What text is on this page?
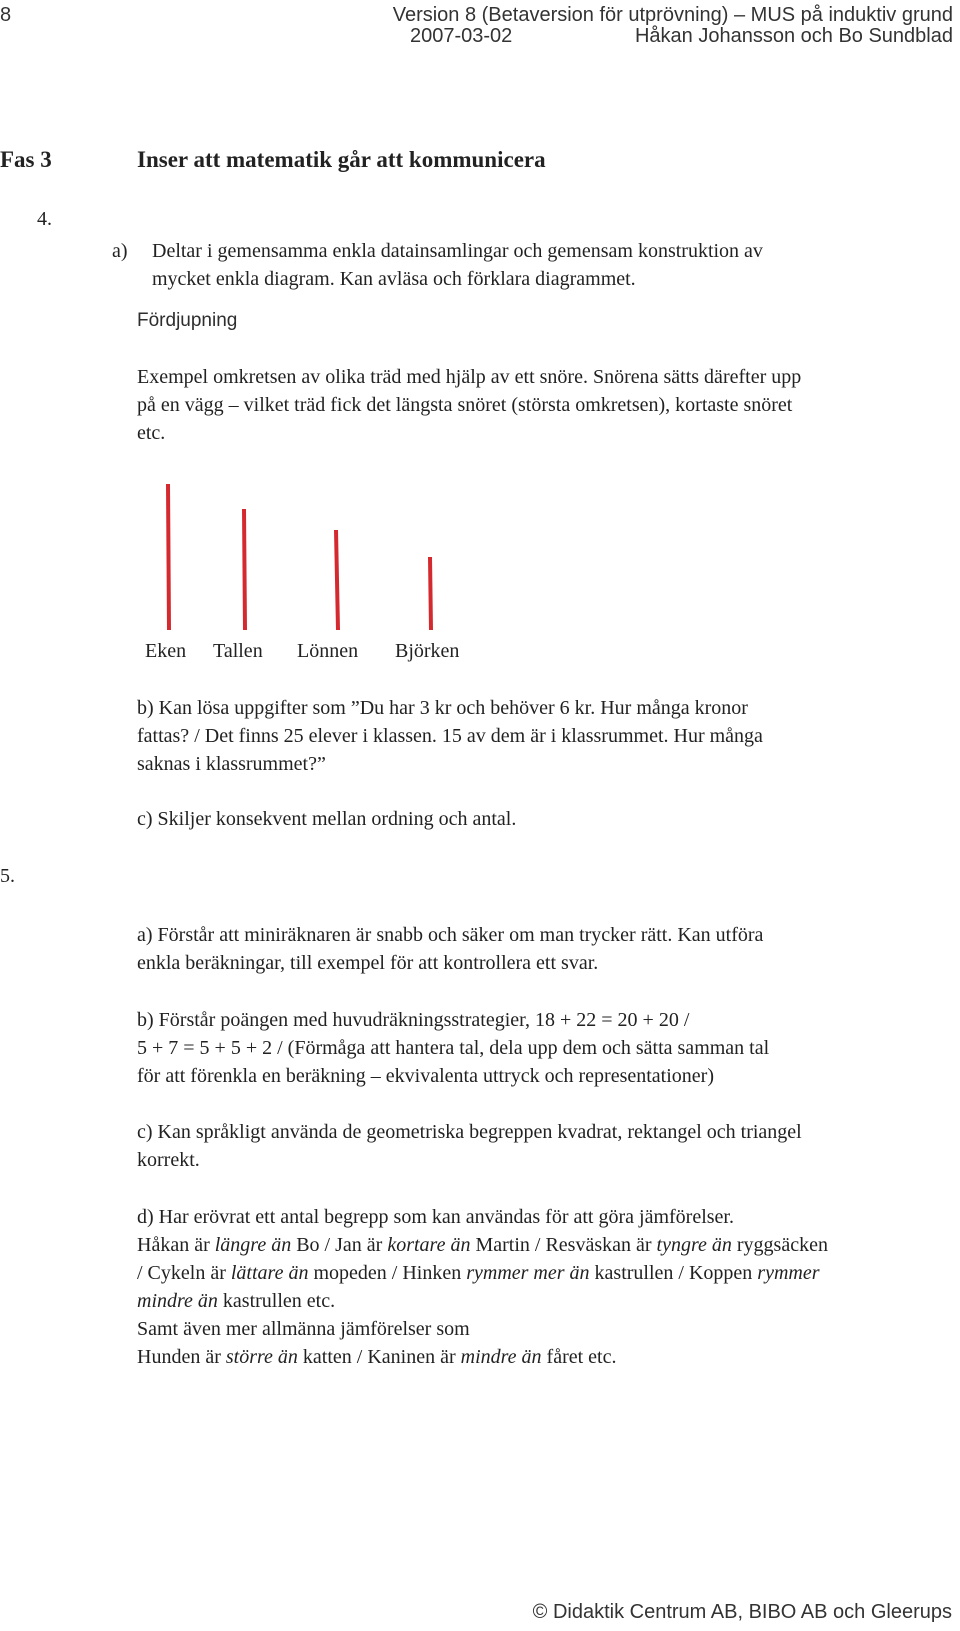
8	Version 8 (Betaversion för utprövning) – MUS på induktiv grund
2007-03-02	Håkan Johansson och Bo Sundblad
Fas 3	Inser att matematik går att kommunicera
4.
a) Deltar i gemensamma enkla datainsamlingar och gemensam konstruktion av
mycket enkla diagram. Kan avläsa och förklara diagrammet.
Fördjupning
Exempel omkretsen av olika träd med hjälp av ett snöre. Snörena sätts därefter upp
på en vägg – vilket träd fick det längsta snöret (största omkretsen), kortaste snöret
etc.
Eken Tallen Lönnen Björken
b) Kan lösa uppgifter som ”Du har 3 kr och behöver 6 kr. Hur många kronor
fattas? / Det finns 25 elever i klassen. 15 av dem är i klassrummet. Hur många
saknas i klassrummet?”
c) Skiljer konsekvent mellan ordning och antal.
5.
a) Förstår att miniräknaren är snabb och säker om man trycker rätt. Kan utföra
enkla beräkningar, till exempel för att kontrollera ett svar.
b) Förstår poängen med huvudräkningsstrategier, 18 + 22 = 20 + 20 /
5 + 7 = 5 + 5 + 2 / (Förmåga att hantera tal, dela upp dem och sätta samman tal
för att förenkla en beräkning – ekvivalenta uttryck och representationer)
c) Kan språkligt använda de geometriska begreppen kvadrat, rektangel och triangel
korrekt.
d) Har erövrat ett antal begrepp som kan användas för att göra jämförelser.
Håkan är längre än Bo / Jan är kortare än Martin / Resväskan är tyngre än ryggsäcken
/ Cykeln är lättare än mopeden / Hinken rymmer mer än kastrullen / Koppen rymmer
mindre än kastrullen etc.
Samt även mer allmänna jämförelser som
Hunden är större än katten / Kaninen är mindre än fåret etc.
© Didaktik Centrum AB, BIBO AB och Gleerups
